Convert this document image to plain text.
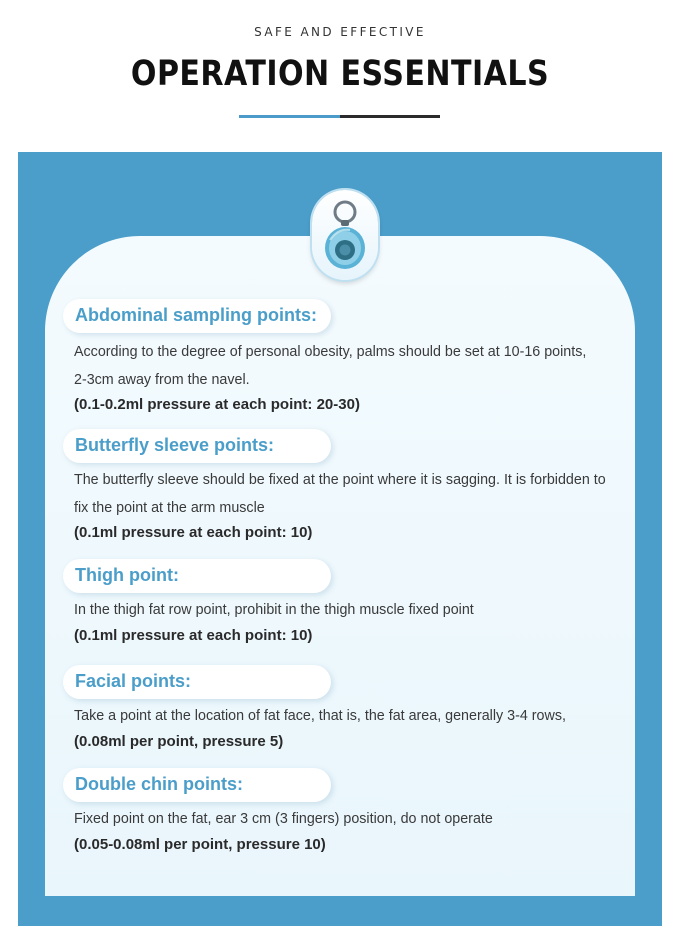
SAFE AND EFFECTIVE
OPERATION ESSENTIALS
Abdominal sampling points:
According to the degree of personal obesity, palms should be set at 10-16 points,
2-3cm away from the navel.
(0.1-0.2ml pressure at each point: 20-30)
Butterfly sleeve points:
The butterfly sleeve should be fixed at the point where it is sagging. It is forbidden to
fix the point at the arm muscle
(0.1ml pressure at each point: 10)
Thigh point:
In the thigh fat row point, prohibit in the thigh muscle fixed point
(0.1ml pressure at each point: 10)
Facial points:
Take a point at the location of fat face, that is, the fat area, generally 3-4 rows,
(0.08ml per point, pressure 5)
Double chin points:
Fixed point on the fat, ear 3 cm (3 fingers) position, do not operate
(0.05-0.08ml per point, pressure 10)
